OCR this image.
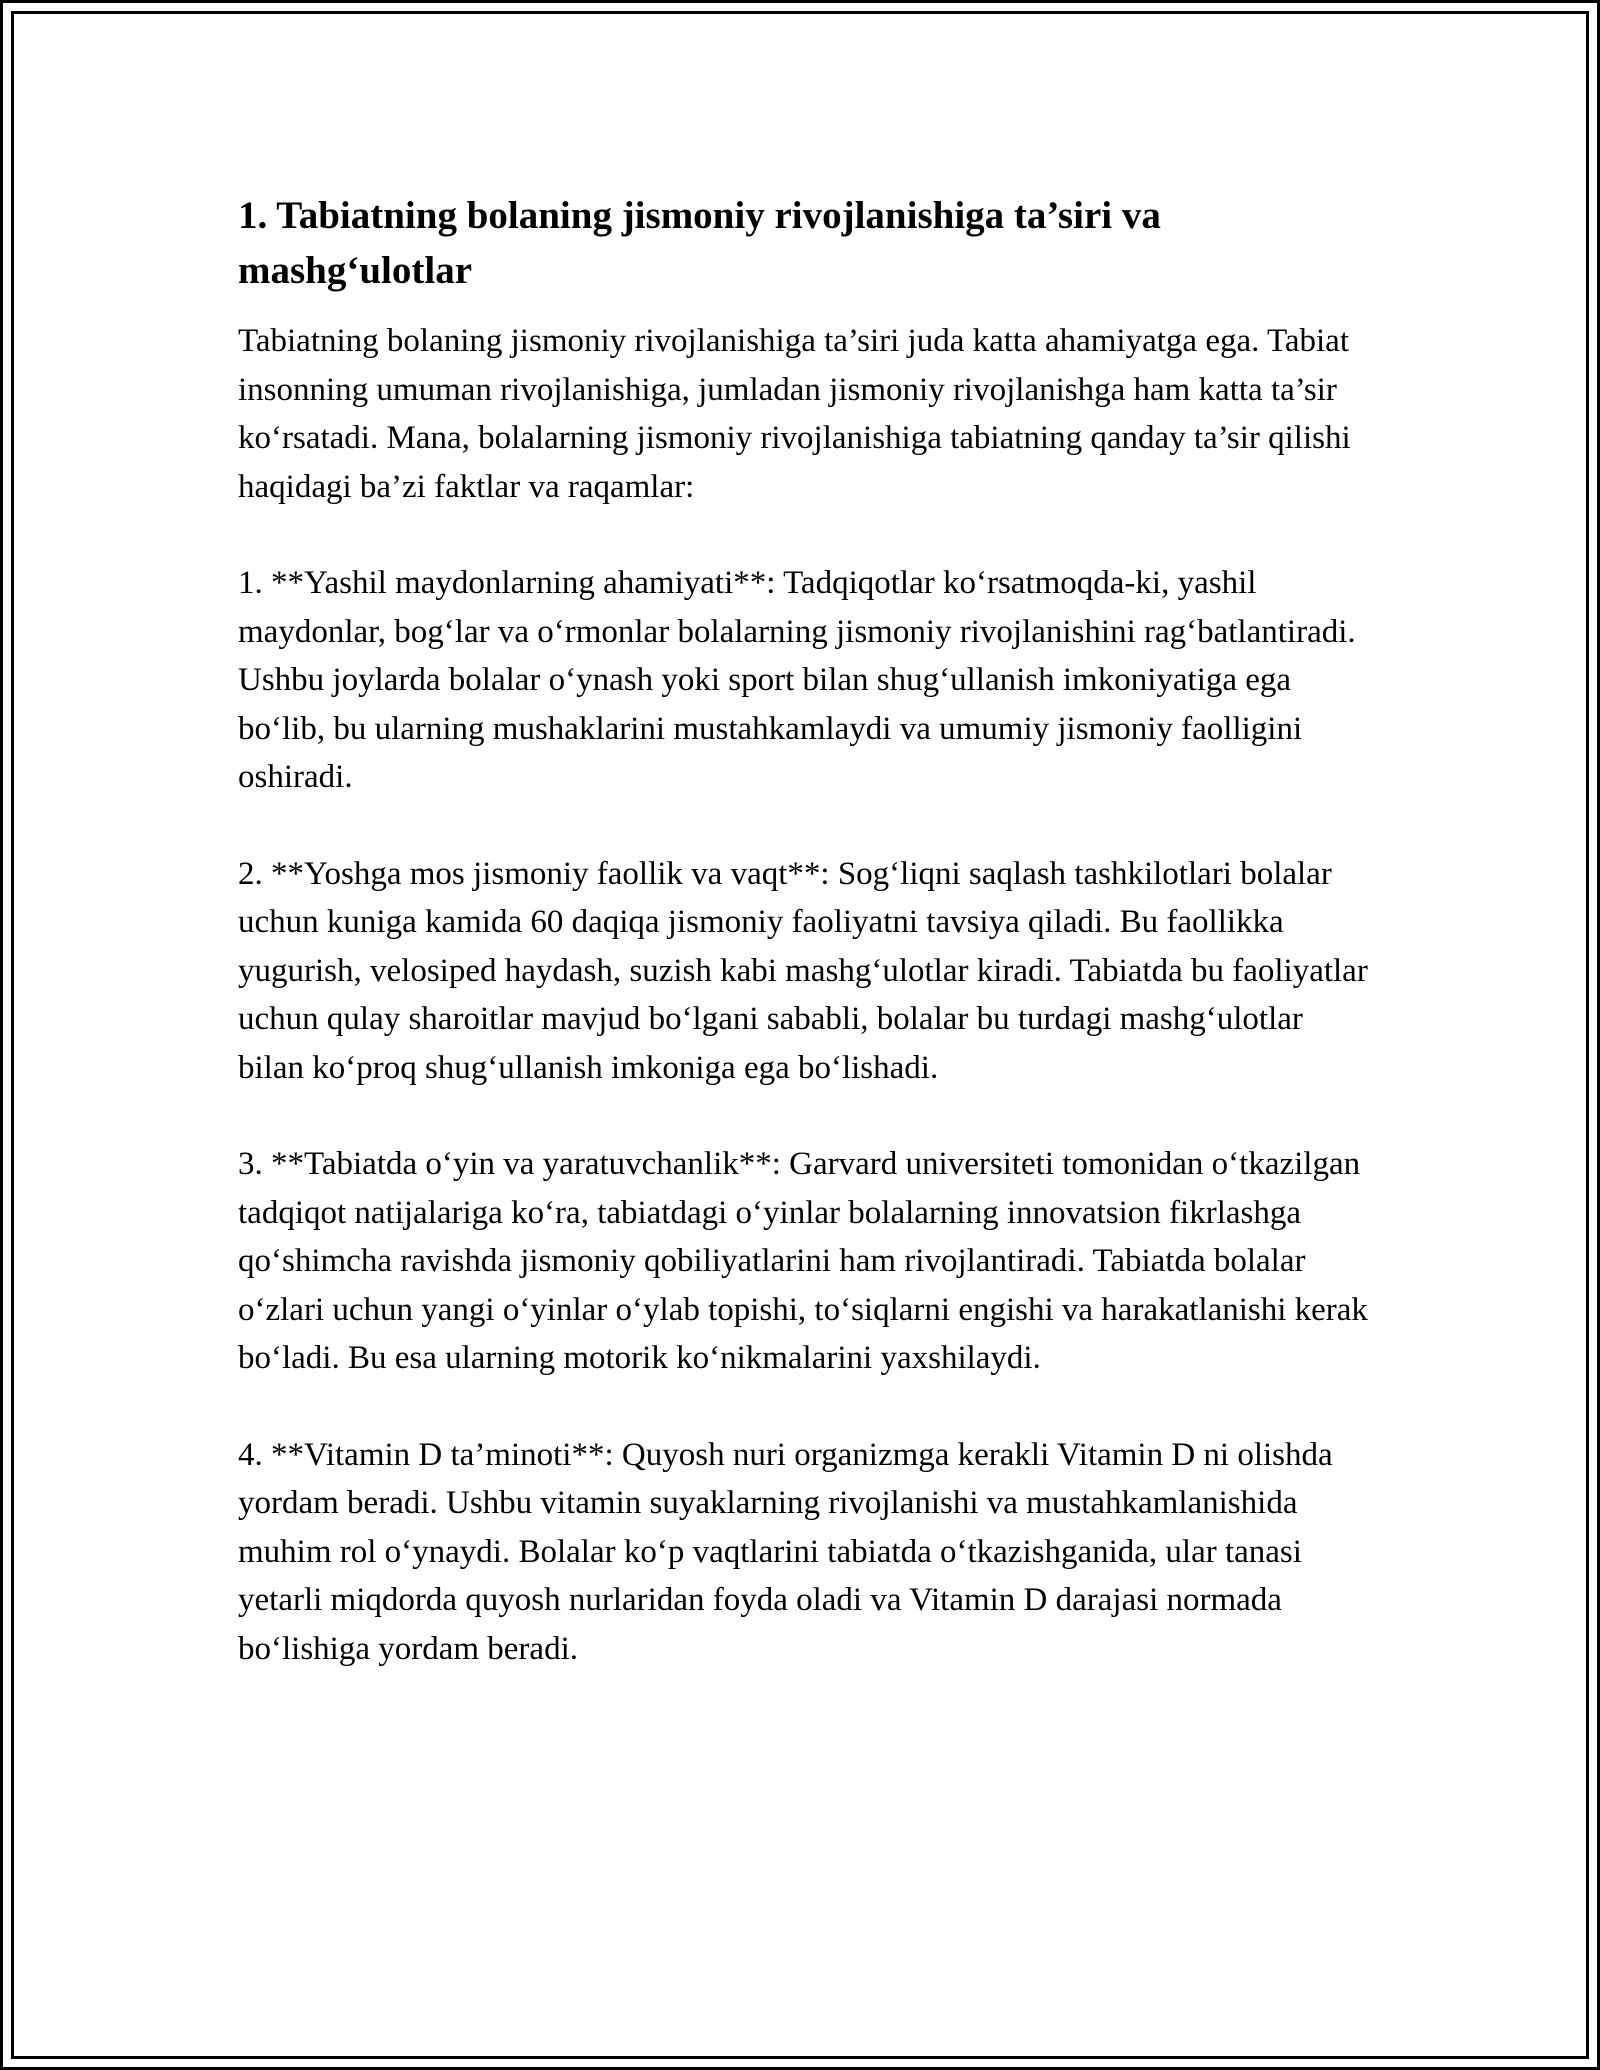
1. Tabiatning bolaning jismoniy rivojlanishiga ta’siri va mashg‘ulotlar

Tabiatning bolaning jismoniy rivojlanishiga ta’siri juda katta ahamiyatga ega. Tabiat insonning umuman rivojlanishiga, jumladan jismoniy rivojlanishga ham katta ta’sir ko‘rsatadi. Mana, bolalarning jismoniy rivojlanishiga tabiatning qanday ta’sir qilishi haqidagi ba’zi faktlar va raqamlar:

1. **Yashil maydonlarning ahamiyati**: Tadqiqotlar ko‘rsatmoqda-ki, yashil maydonlar, bog‘lar va o‘rmonlar bolalarning jismoniy rivojlanishini rag‘batlantiradi. Ushbu joylarda bolalar o‘ynash yoki sport bilan shug‘ullanish imkoniyatiga ega bo‘lib, bu ularning mushaklarini mustahkamlaydi va umumiy jismoniy faolligini oshiradi.

2. **Yoshga mos jismoniy faollik va vaqt**: Sog‘liqni saqlash tashkilotlari bolalar uchun kuniga kamida 60 daqiqa jismoniy faoliyatni tavsiya qiladi. Bu faollikka yugurish, velosiped haydash, suzish kabi mashg‘ulotlar kiradi. Tabiatda bu faoliyatlar uchun qulay sharoitlar mavjud bo‘lgani sababli, bolalar bu turdagi mashg‘ulotlar bilan ko‘proq shug‘ullanish imkoniga ega bo‘lishadi.

3. **Tabiatda o‘yin va yaratuvchanlik**: Garvard universiteti tomonidan o‘tkazilgan tadqiqot natijalariga ko‘ra, tabiatdagi o‘yinlar bolalarning innovatsion fikrlashga qo‘shimcha ravishda jismoniy qobiliyatlarini ham rivojlantiradi. Tabiatda bolalar o‘zlari uchun yangi o‘yinlar o‘ylab topishi, to‘siqlarni engishi va harakatlanishi kerak bo‘ladi. Bu esa ularning motorik ko‘nikmalarini yaxshilaydi.

4. **Vitamin D ta’minoti**: Quyosh nuri organizmga kerakli Vitamin D ni olishda yordam beradi. Ushbu vitamin suyaklarning rivojlanishi va mustahkamlanishida muhim rol o‘ynaydi. Bolalar ko‘p vaqtlarini tabiatda o‘tkazishganida, ular tanasi yetarli miqdorda quyosh nurlaridan foyda oladi va Vitamin D darajasi normada bo‘lishiga yordam beradi.
